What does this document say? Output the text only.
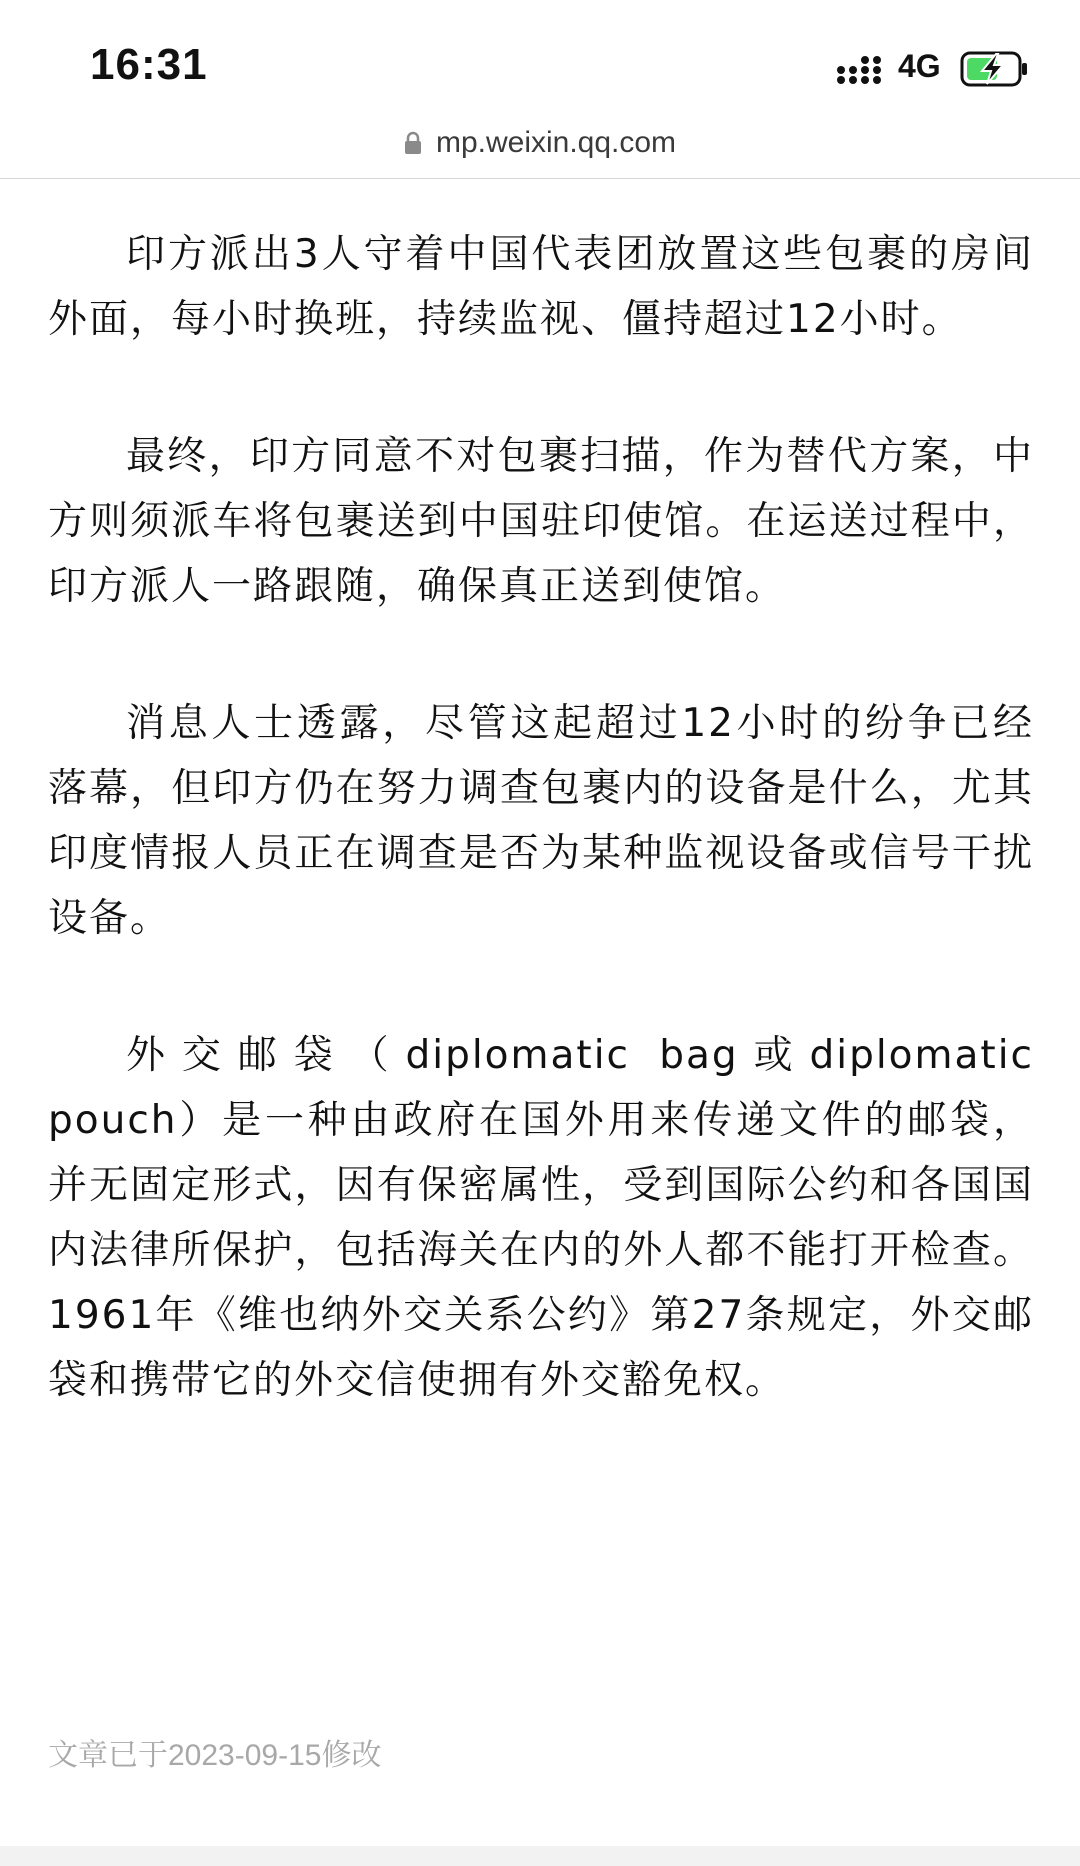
16:31	4G
mp.weixin.qq.com

印方派出3人守着中国代表团放置这些包裹的房间外面，每小时换班，持续监视、僵持超过12小时。

最终，印方同意不对包裹扫描，作为替代方案，中方则须派车将包裹送到中国驻印使馆。在运送过程中，印方派人一路跟随，确保真正送到使馆。

消息人士透露，尽管这起超过12小时的纷争已经落幕，但印方仍在努力调查包裹内的设备是什么，尤其印度情报人员正在调查是否为某种监视设备或信号干扰设备。

外交邮袋（diplomatic bag或diplomatic pouch）是一种由政府在国外用来传递文件的邮袋，并无固定形式，因有保密属性，受到国际公约和各国国内法律所保护，包括海关在内的外人都不能打开检查。1961年《维也纳外交关系公约》第27条规定，外交邮袋和携带它的外交信使拥有外交豁免权。

文章已于2023-09-15修改
